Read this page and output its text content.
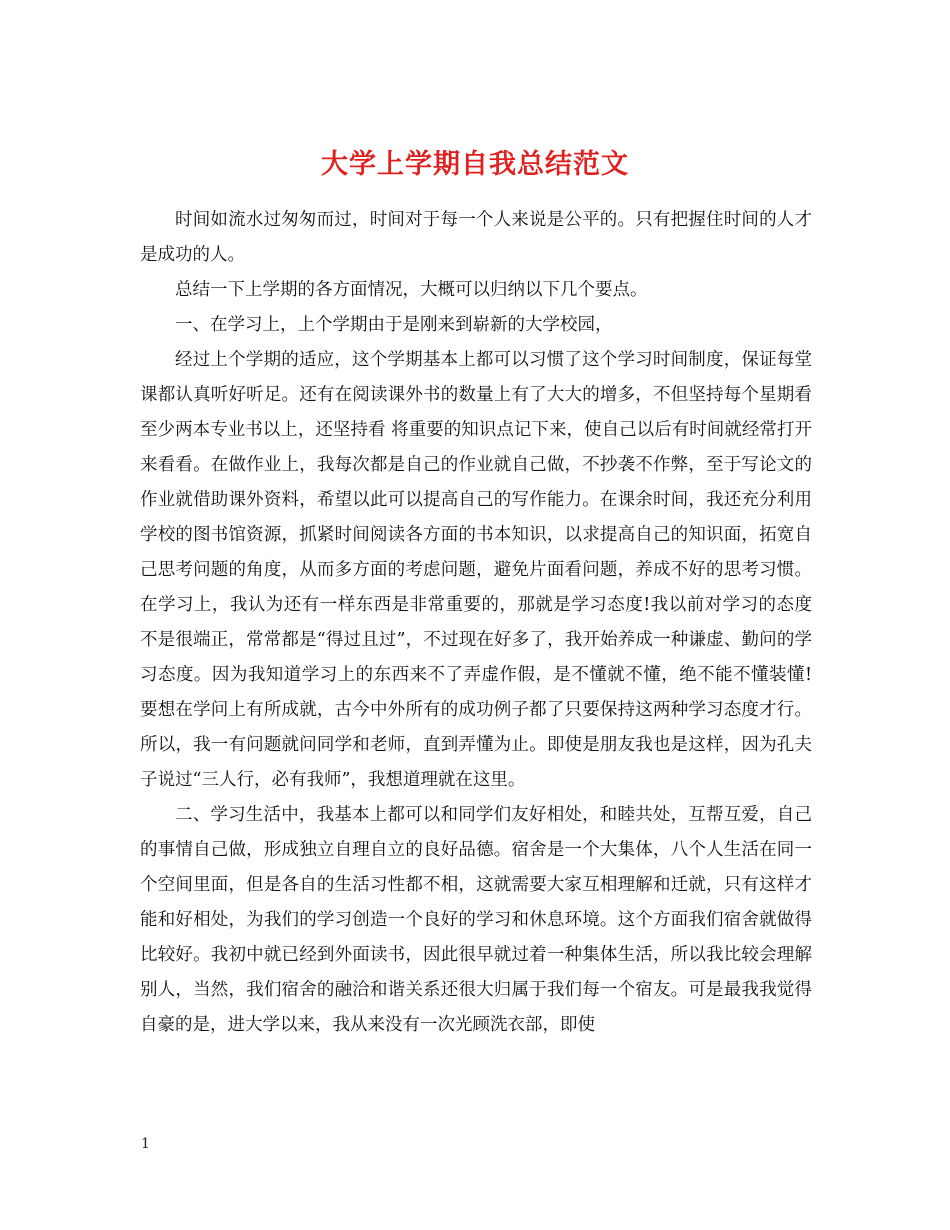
大学上学期自我总结范文

时间如流水过匆匆而过，时间对于每一个人来说是公平的。只有把握住时间的人才是成功的人。

总结一下上学期的各方面情况，大概可以归纳以下几个要点。

一、在学习上，上个学期由于是刚来到崭新的大学校园，

经过上个学期的适应，这个学期基本上都可以习惯了这个学习时间制度，保证每堂课都认真听好听足。还有在阅读课外书的数量上有了大大的增多，不但坚持每个星期看至少两本专业书以上，还坚持看 将重要的知识点记下来，使自己以后有时间就经常打开来看看。在做作业上，我每次都是自己的作业就自己做，不抄袭不作弊，至于写论文的作业就借助课外资料，希望以此可以提高自己的写作能力。在课余时间，我还充分利用学校的图书馆资源，抓紧时间阅读各方面的书本知识，以求提高自己的知识面，拓宽自己思考问题的角度，从而多方面的考虑问题，避免片面看问题，养成不好的思考习惯。在学习上，我认为还有一样东西是非常重要的，那就是学习态度!我以前对学习的态度不是很端正，常常都是“得过且过”，不过现在好多了，我开始养成一种谦虚、勤问的学习态度。因为我知道学习上的东西来不了弄虚作假，是不懂就不懂，绝不能不懂装懂!要想在学问上有所成就，古今中外所有的成功例子都了只要保持这两种学习态度才行。所以，我一有问题就问同学和老师，直到弄懂为止。即使是朋友我也是这样，因为孔夫子说过“三人行，必有我师”，我想道理就在这里。

二、学习生活中，我基本上都可以和同学们友好相处，和睦共处，互帮互爱，自己的事情自己做，形成独立自理自立的良好品德。宿舍是一个大集体，八个人生活在同一个空间里面，但是各自的生活习性都不相，这就需要大家互相理解和迁就，只有这样才能和好相处，为我们的学习创造一个良好的学习和休息环境。这个方面我们宿舍就做得比较好。我初中就已经到外面读书，因此很早就过着一种集体生活，所以我比较会理解别人，当然，我们宿舍的融洽和谐关系还很大归属于我们每一个宿友。可是最我我觉得自豪的是，进大学以来，我从来没有一次光顾洗衣部，即使

1
